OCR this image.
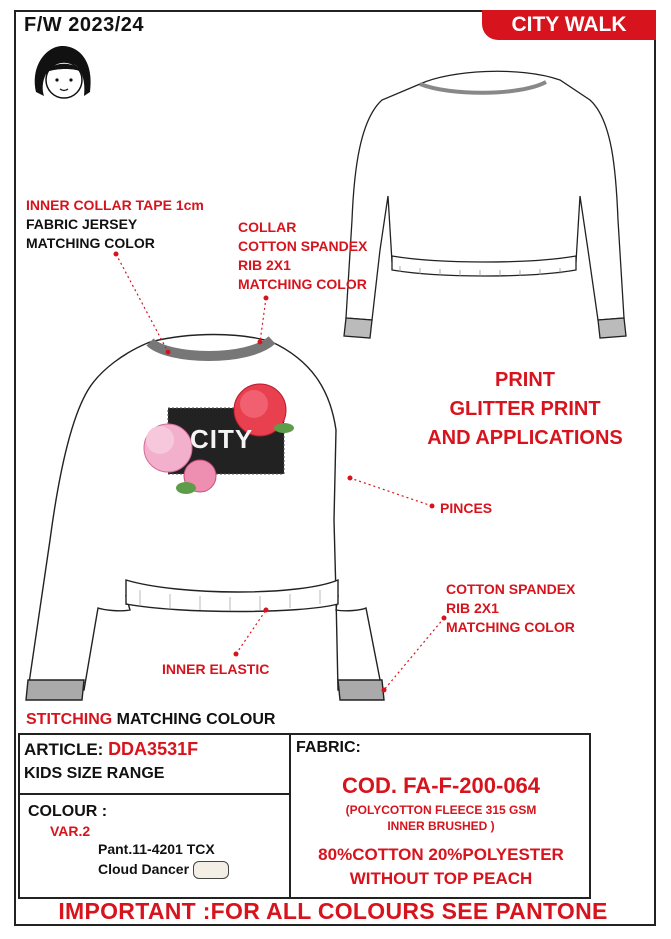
F/W 2023/24	CITY WALK
CITY
INNER COLLAR TAPE 1cm
FABRIC JERSEY
MATCHING COLOR
COLLAR
COTTON SPANDEX
RIB 2X1
MATCHING COLOR
PRINT
GLITTER PRINT
AND APPLICATIONS
PINCES
COTTON SPANDEX
RIB 2X1
MATCHING COLOR
INNER ELASTIC
STITCHING MATCHING COLOUR
ARTICLE: DDA3531F
KIDS SIZE RANGE
COLOUR :
VAR.2
Pant.11-4201 TCX
Cloud Dancer
FABRIC:
COD. FA-F-200-064
(POLYCOTTON FLEECE 315 GSM
INNER BRUSHED )
80%COTTON 20%POLYESTER
WITHOUT TOP PEACH
IMPORTANT :FOR ALL COLOURS SEE PANTONE
